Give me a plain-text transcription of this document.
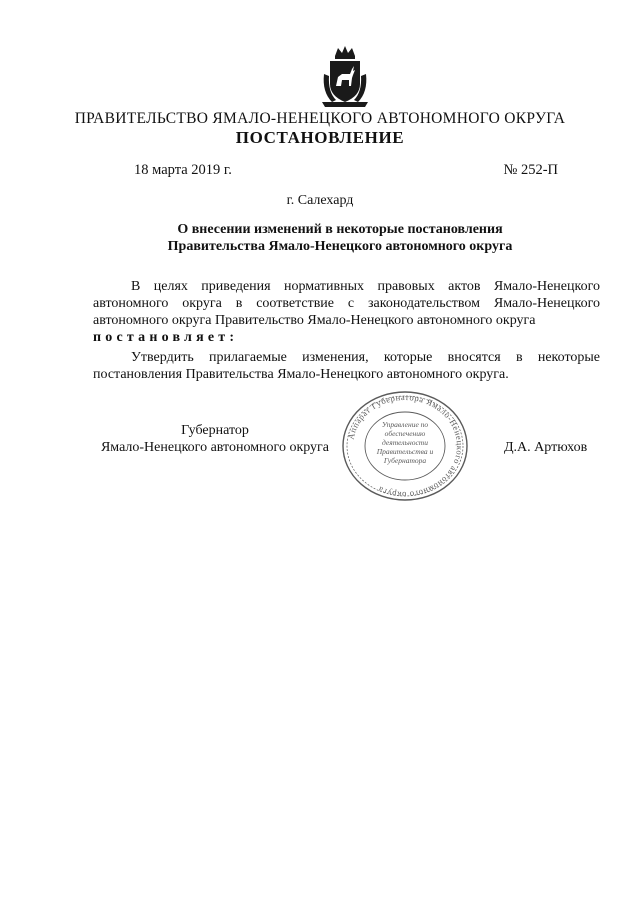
ПРАВИТЕЛЬСТВО ЯМАЛО-НЕНЕЦКОГО АВТОНОМНОГО ОКРУГА
ПОСТАНОВЛЕНИЕ
18 марта 2019 г.	№ 252-П
г. Салехард
О внесении изменений в некоторые постановления
Правительства Ямало-Ненецкого автономного округа
В целях приведения нормативных правовых актов Ямало-Ненецкого
автономного округа в соответствие с законодательством Ямало-Ненецкого автономного округа Правительство Ямало-Ненецкого автономного округа
постановляет:
Утвердить прилагаемые изменения, которые вносятся в некоторые
постановления Правительства Ямало-Ненецкого автономного округа.
Губернатор
Ямало-Ненецкого автономного округа	Д.А. Артюхов
Аппарат Губернатора Ямало-Ненецкого автономного округа
Управление по обеспечению деятельности Правительства и Губернатора
